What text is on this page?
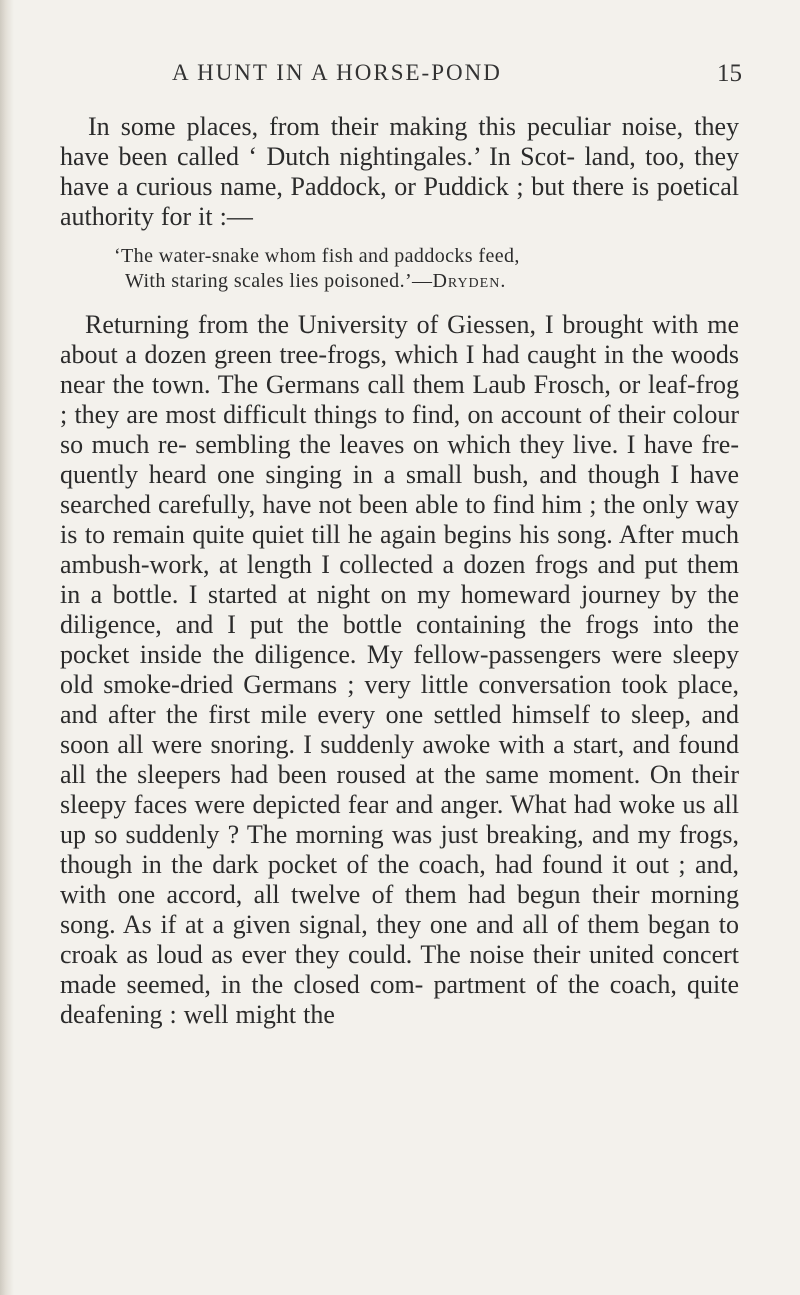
A HUNT IN A HORSE-POND	15

In some places, from their making this peculiar noise, they have been called ‘ Dutch nightingales.’ In Scot- land, too, they have a curious name, Paddock, or Puddick ; but there is poetical authority for it :—

‘The water-snake whom fish and paddocks feed,
With staring scales lies poisoned.’—Dryden.

Returning from the University of Giessen, I brought with me about a dozen green tree-frogs, which I had caught in the woods near the town. The Germans call them Laub Frosch, or leaf-frog ; they are most difficult things to find, on account of their colour so much re- sembling the leaves on which they live. I have fre- quently heard one singing in a small bush, and though I have searched carefully, have not been able to find him ; the only way is to remain quite quiet till he again begins his song. After much ambush-work, at length I collected a dozen frogs and put them in a bottle. I started at night on my homeward journey by the diligence, and I put the bottle containing the frogs into the pocket inside the diligence. My fellow-passengers were sleepy old smoke-dried Germans ; very little conversation took place, and after the first mile every one settled himself to sleep, and soon all were snoring. I suddenly awoke with a start, and found all the sleepers had been roused at the same moment. On their sleepy faces were depicted fear and anger. What had woke us all up so suddenly ? The morning was just breaking, and my frogs, though in the dark pocket of the coach, had found it out ; and, with one accord, all twelve of them had begun their morning song. As if at a given signal, they one and all of them began to croak as loud as ever they could. The noise their united concert made seemed, in the closed com- partment of the coach, quite deafening : well might the
